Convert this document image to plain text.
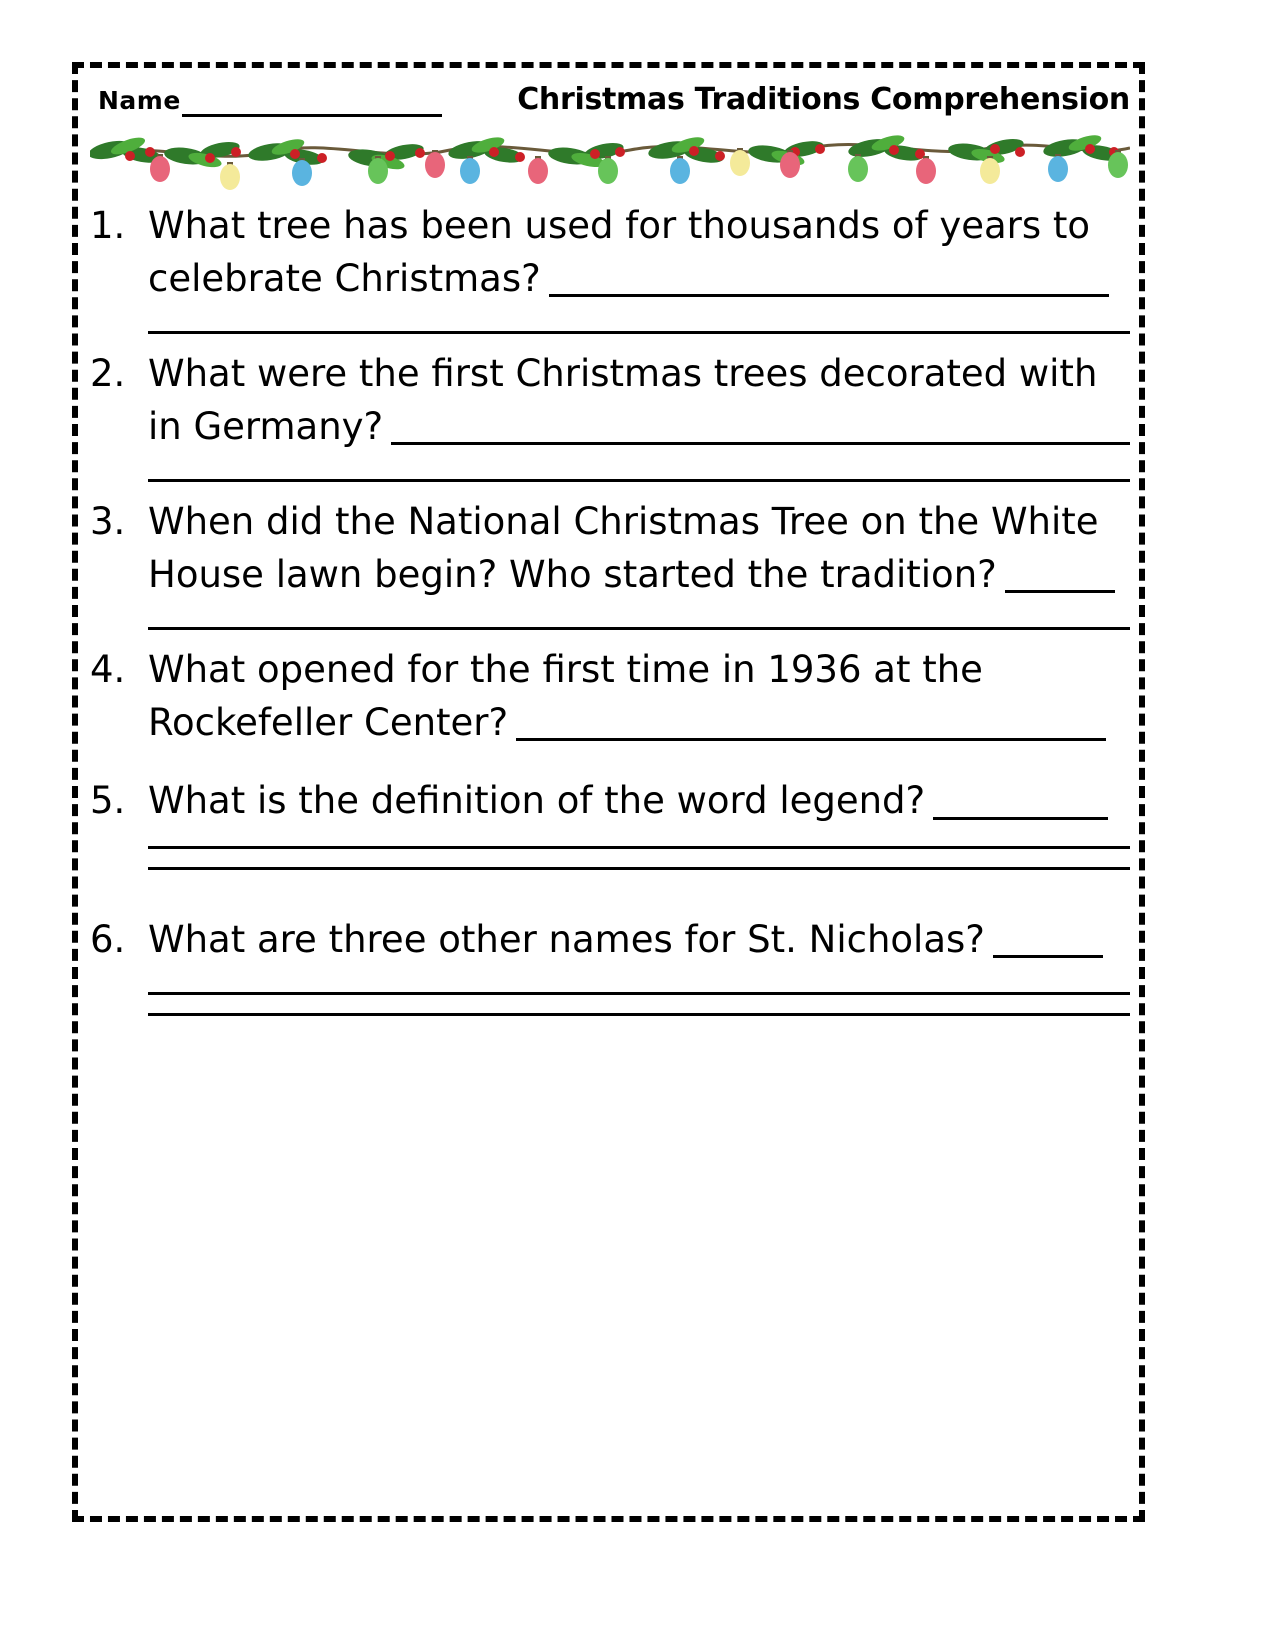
Name	Christmas Traditions Comprehension
1. What tree has been used for thousands of years to
celebrate Christmas?
2. What were the first Christmas trees decorated with
in Germany?
3. When did the National Christmas Tree on the White
House lawn begin? Who started the tradition?
4. What opened for the first time in 1936 at the
Rockefeller Center?
5. What is the definition of the word legend?
6. What are three other names for St. Nicholas?
